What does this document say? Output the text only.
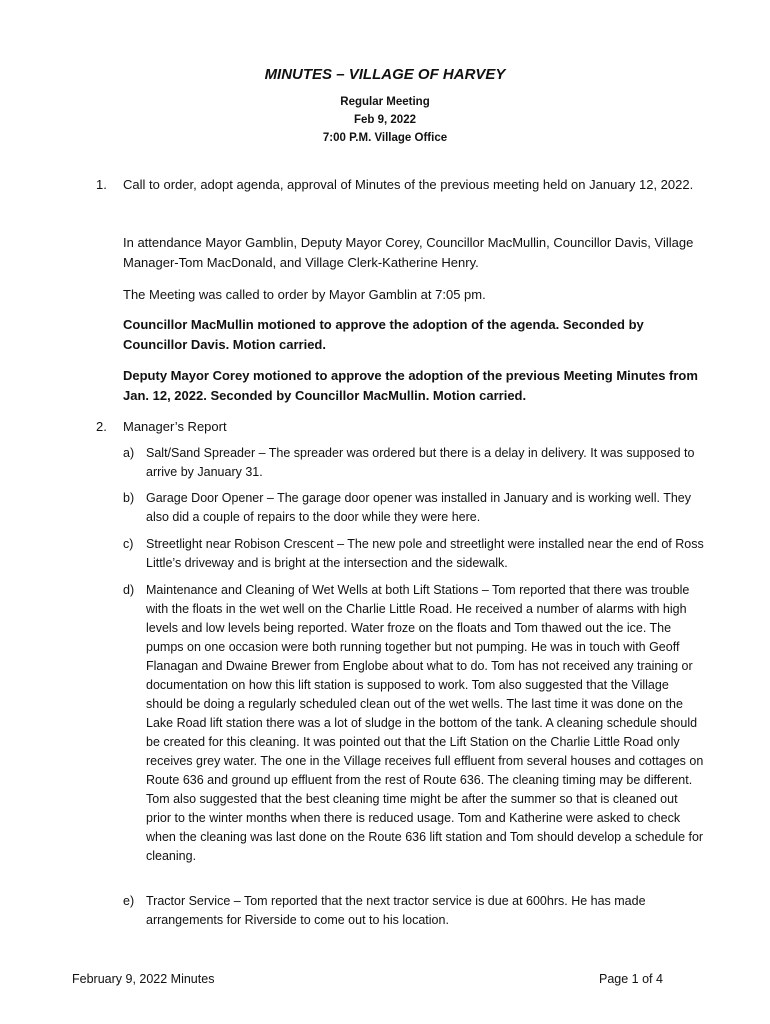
MINUTES – VILLAGE OF HARVEY
Regular Meeting
Feb 9, 2022
7:00 P.M. Village Office
1. Call to order, adopt agenda, approval of Minutes of the previous meeting held on January 12, 2022.
In attendance Mayor Gamblin, Deputy Mayor Corey, Councillor MacMullin, Councillor Davis, Village Manager-Tom MacDonald, and Village Clerk-Katherine Henry.
The Meeting was called to order by Mayor Gamblin at 7:05 pm.
Councillor MacMullin motioned to approve the adoption of the agenda. Seconded by Councillor Davis. Motion carried.
Deputy Mayor Corey motioned to approve the adoption of the previous Meeting Minutes from Jan. 12, 2022. Seconded by Councillor MacMullin. Motion carried.
2. Manager’s Report
a) Salt/Sand Spreader – The spreader was ordered but there is a delay in delivery. It was supposed to arrive by January 31.
b) Garage Door Opener – The garage door opener was installed in January and is working well. They also did a couple of repairs to the door while they were here.
c) Streetlight near Robison Crescent – The new pole and streetlight were installed near the end of Ross Little’s driveway and is bright at the intersection and the sidewalk.
d) Maintenance and Cleaning of Wet Wells at both Lift Stations – Tom reported that there was trouble with the floats in the wet well on the Charlie Little Road. He received a number of alarms with high levels and low levels being reported. Water froze on the floats and Tom thawed out the ice. The pumps on one occasion were both running together but not pumping. He was in touch with Geoff Flanagan and Dwaine Brewer from Englobe about what to do. Tom has not received any training or documentation on how this lift station is supposed to work. Tom also suggested that the Village should be doing a regularly scheduled clean out of the wet wells. The last time it was done on the Lake Road lift station there was a lot of sludge in the bottom of the tank. A cleaning schedule should be created for this cleaning. It was pointed out that the Lift Station on the Charlie Little Road only receives grey water. The one in the Village receives full effluent from several houses and cottages on Route 636 and ground up effluent from the rest of Route 636. The cleaning timing may be different. Tom also suggested that the best cleaning time might be after the summer so that is cleaned out prior to the winter months when there is reduced usage. Tom and Katherine were asked to check when the cleaning was last done on the Route 636 lift station and Tom should develop a schedule for cleaning.
e) Tractor Service – Tom reported that the next tractor service is due at 600hrs. He has made arrangements for Riverside to come out to his location.
February 9, 2022 Minutes	Page 1 of 4
